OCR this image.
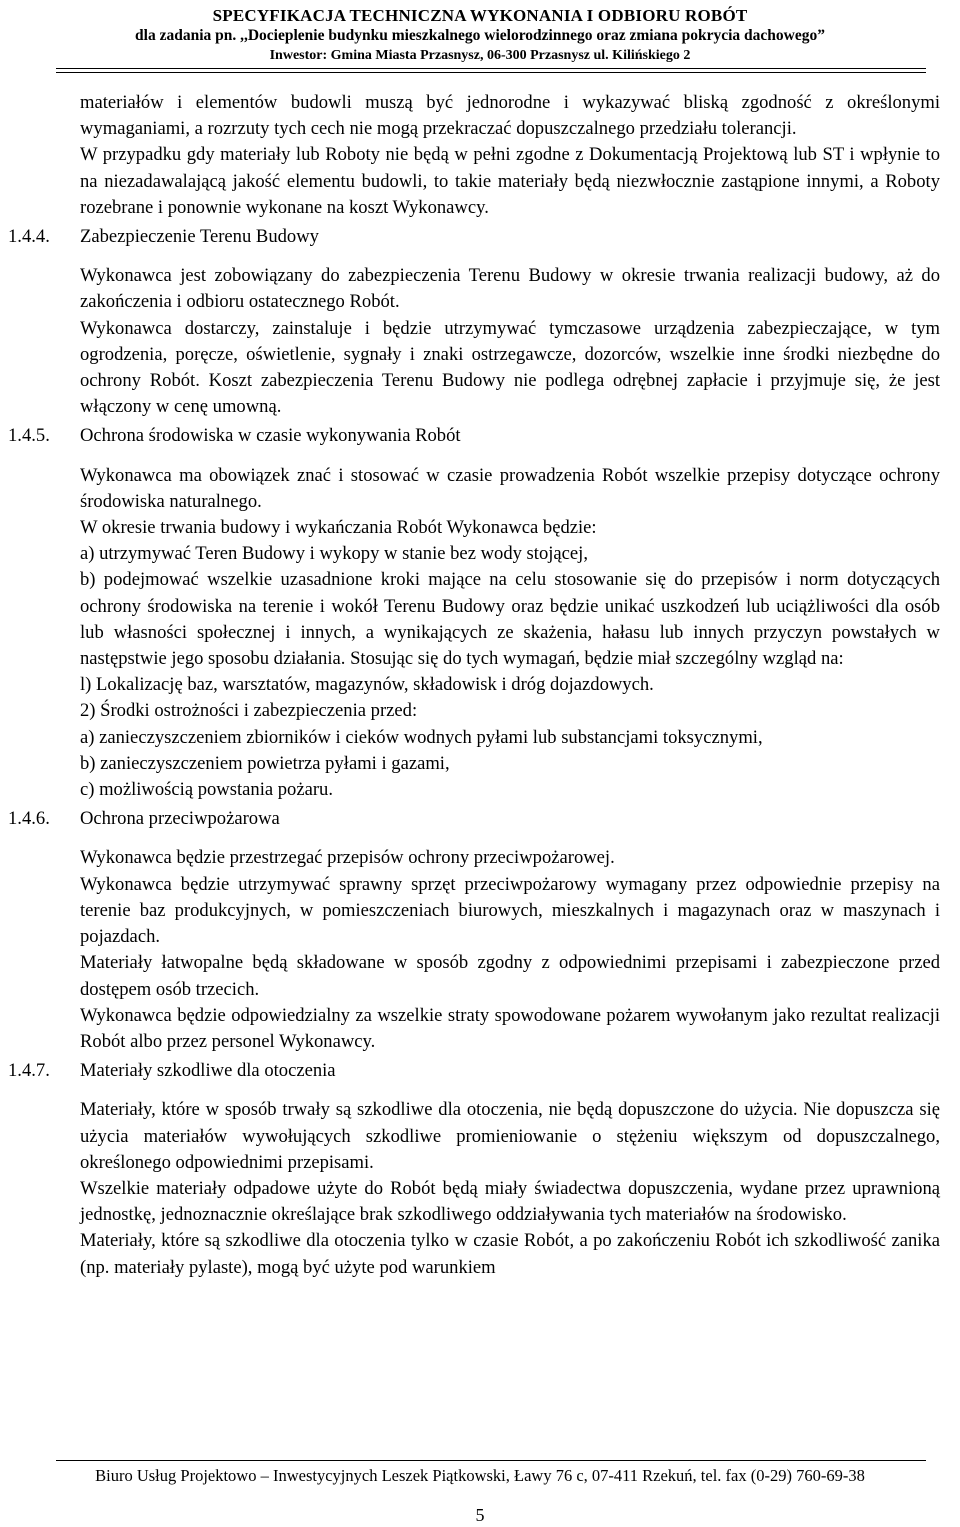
SPECYFIKACJA TECHNICZNA WYKONANIA I ODBIORU ROBÓT
dla zadania pn. ,,Docieplenie budynku mieszkalnego wielorodzinnego oraz zmiana pokrycia dachowego”
Inwestor: Gmina Miasta Przasnysz, 06-300 Przasnysz ul. Kilińskiego 2

materiałów i elementów budowli muszą być jednorodne i wykazywać bliską zgodność z określonymi wymaganiami, a rozrzuty tych cech nie mogą przekraczać dopuszczalnego przedziału tolerancji.

W przypadku gdy materiały lub Roboty nie będą w pełni zgodne z Dokumentacją Projektową lub ST i wpłynie to na niezadawalającą jakość elementu budowli, to takie materiały będą niezwłocznie zastąpione innymi, a Roboty rozebrane i ponownie wykonane na koszt Wykonawcy.

1.4.4.	Zabezpieczenie Terenu Budowy

Wykonawca jest zobowiązany do zabezpieczenia Terenu Budowy w okresie trwania realizacji budowy, aż do zakończenia i odbioru ostatecznego Robót.

Wykonawca dostarczy, zainstaluje i będzie utrzymywać tymczasowe urządzenia zabezpieczające, w tym ogrodzenia, poręcze, oświetlenie, sygnały i znaki ostrzegawcze, dozorców, wszelkie inne środki niezbędne do ochrony Robót. Koszt zabezpieczenia Terenu Budowy nie podlega odrębnej zapłacie i przyjmuje się, że jest włączony w cenę umowną.

1.4.5.	Ochrona środowiska w czasie wykonywania Robót

Wykonawca ma obowiązek znać i stosować w czasie prowadzenia Robót wszelkie przepisy dotyczące ochrony środowiska naturalnego.

W okresie trwania budowy i wykańczania Robót Wykonawca będzie:

a) utrzymywać Teren Budowy i wykopy w stanie bez wody stojącej,

b) podejmować wszelkie uzasadnione kroki mające na celu stosowanie się do przepisów i norm dotyczących ochrony środowiska na terenie i wokół Terenu Budowy oraz będzie unikać uszkodzeń lub uciążliwości dla osób lub własności społecznej i innych, a wynikających ze skażenia, hałasu lub innych przyczyn powstałych w następstwie jego sposobu działania. Stosując się do tych wymagań, będzie miał szczególny wzgląd na:

l) Lokalizację baz, warsztatów, magazynów, składowisk i dróg dojazdowych.

2) Środki ostrożności i zabezpieczenia przed:

a) zanieczyszczeniem zbiorników i cieków wodnych pyłami lub substancjami toksycznymi,

b) zanieczyszczeniem powietrza pyłami i gazami,

c) możliwością powstania pożaru.

1.4.6.	Ochrona przeciwpożarowa

Wykonawca będzie przestrzegać przepisów ochrony przeciwpożarowej.

Wykonawca będzie utrzymywać sprawny sprzęt przeciwpożarowy wymagany przez odpowiednie przepisy na terenie baz produkcyjnych, w pomieszczeniach biurowych, mieszkalnych i magazynach oraz w maszynach i pojazdach.

Materiały łatwopalne będą składowane w sposób zgodny z odpowiednimi przepisami i zabezpieczone przed dostępem osób trzecich.

Wykonawca będzie odpowiedzialny za wszelkie straty spowodowane pożarem wywołanym jako rezultat realizacji Robót albo przez personel Wykonawcy.

1.4.7.	Materiały szkodliwe dla otoczenia

Materiały, które w sposób trwały są szkodliwe dla otoczenia, nie będą dopuszczone do użycia. Nie dopuszcza się użycia materiałów wywołujących szkodliwe promieniowanie o stężeniu większym od dopuszczalnego, określonego odpowiednimi przepisami.

Wszelkie materiały odpadowe użyte do Robót będą miały świadectwa dopuszczenia, wydane przez uprawnioną jednostkę, jednoznacznie określające brak szkodliwego oddziaływania tych materiałów na środowisko.

Materiały, które są szkodliwe dla otoczenia tylko w czasie Robót, a po zakończeniu Robót ich szkodliwość zanika (np. materiały pylaste), mogą być użyte pod warunkiem

Biuro Usług Projektowo – Inwestycyjnych Leszek Piątkowski, Ławy 76 c, 07-411 Rzekuń, tel. fax (0-29) 760-69-38
5
